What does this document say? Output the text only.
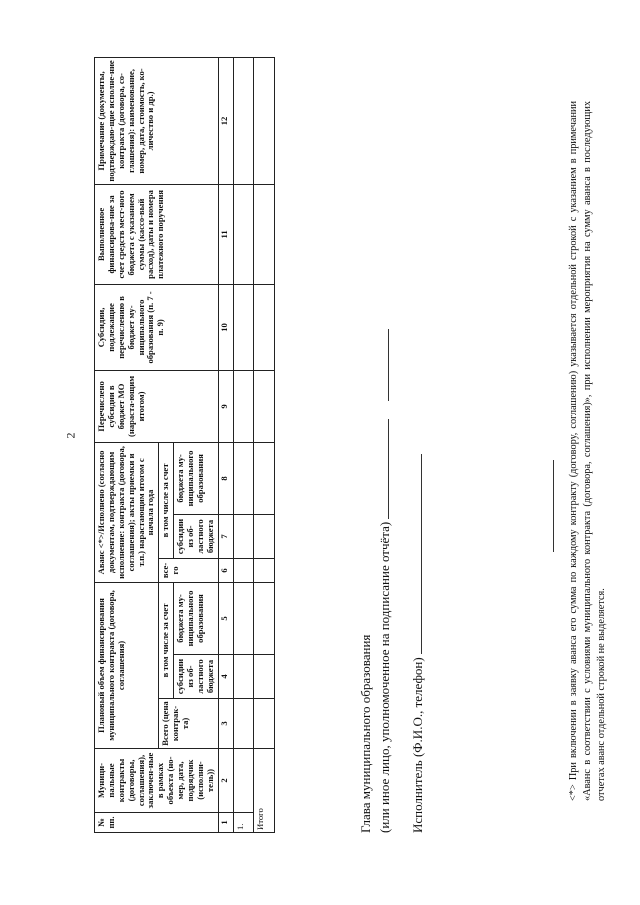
2
№ пп.	Муници-пальные контракты (договоры, соглашения), заключен-ные в рамках объекта (но-мер, дата, подрядчик (исполни-тель))	Плановый объем финансирования муниципального контракта (договора, соглашения)			Аванс <*>/Исполнено (согласно документам, подтверждающим исполнение: контракта (договора, соглашения); акты приемки и т.п.) нарастающим итогом с начала года			Перечислено субсидии в бюджет МО (нараста-ющим итогом)	Субсидии, подлежащие перечислению в бюджет му-ниципального образования (п. 7 - п. 9)	Выполненное финансирова-ние за счет средств мест-ного бюджета с указанием суммы (кассо-вый расход), даты и номера платежного поручения	Примечание (документы, подтверждаю-щие исполне-ние контракта (договора, со-глашения): наименование, номер, дата, стоимость, ко-личество и др.)
		Всего (цена контрак-та)	в том числе за счет		все-го	в том числе за счет					
			субсидии из об-ластного бюджета	бюджета му-ниципального образования		субсидии из об-ластного бюджета	бюджета му-ниципального образования				
1	2	3	4	5	6	7	8	9	10	11	12
1.											
Итого												Глава муниципального образования (или иное лицо, уполномоченное на подписание отчёта) Исполнитель (Ф.И.О., телефон)	<*> При включении в заявку аванса его сумма по каждому контракту (договору, соглашению) указывается отдельной строкой с указанием в примечании «Аванс в соответствии с условиями муниципального контракта (договора, соглашения)», при исполнении мероприятия на сумму аванса в последующих отчетах аванс отдельной строкой не выделяется.
